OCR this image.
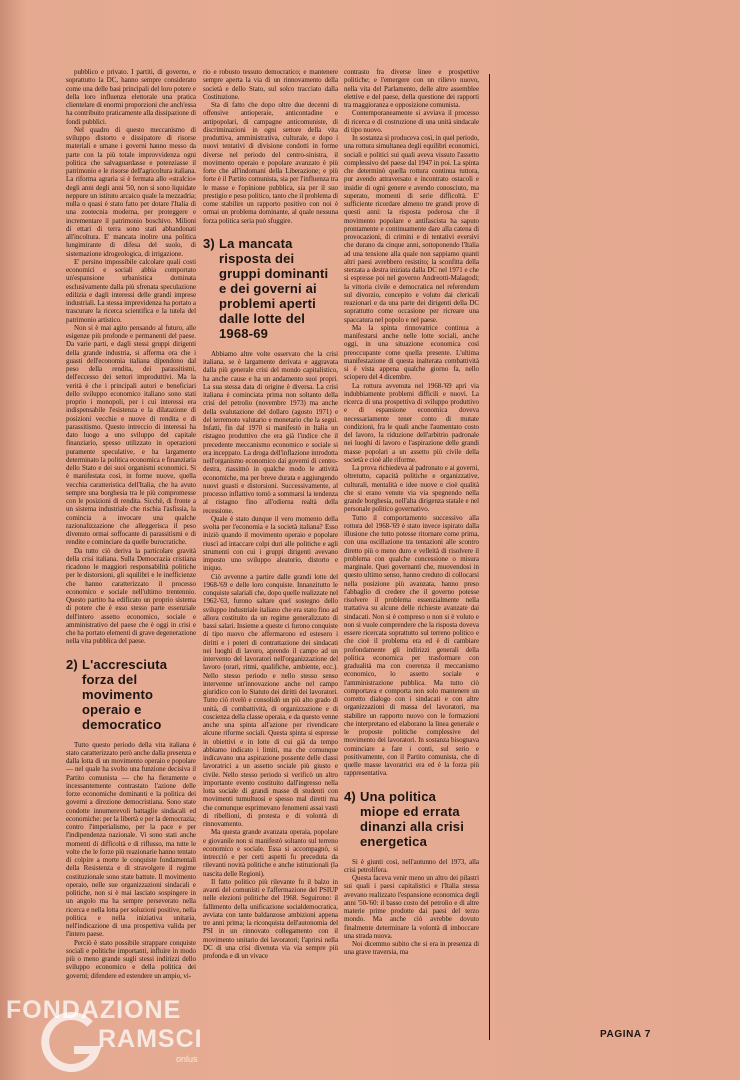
pubblico e privato. I partiti, di governo, e soprattutto la DC, hanno sempre considerato come una delle basi principali del loro potere e della loro influenza elettorale una pratica clientelare di enormi proporzioni che anch'essa ha contribuito praticamente alla dissipazione di fondi pubblici.

Nel quadro di questo meccanismo di sviluppo distorto e dissipatore di risorse materiali e umane i governi hanno messo da parte con la più totale improvvidenza ogni politica che salvaguardasse e potenziasse il patrimonio e le risorse dell'agricoltura italiana. La riforma agraria si è fermata allo «stralcio» degli anni degli anni '50, non si sono liquidate neppure un istituto arcaico quale la mezzadria; nulla o quasi è stato fatto per dotare l'Italia di una zootecnia moderna, per proteggere e incrementare il patrimonio boschivo. Milioni di ettari di terra sono stati abbandonati all'incoltura. E' mancata inoltre una politica lungimirante di difesa del suolo, di sistemazione idrogeologica, di irrigazione.

E' persino impossibile calcolare quali costi economici e sociali abbia comportato un'espansione urbanistica dominata esclusivamente dalla più sfrenata speculazione edilizia e dagli interessi delle grandi imprese industriali. La stessa imprevidenza ha portato a trascurare la ricerca scientifica e la tutela del patrimonio artistico.

Non si è mai agito pensando al futuro, alle esigenze più profonde e permanenti del paese. Da varie parti, e dagli stessi gruppi dirigenti della grande industria, si afferma ora che i guasti dell'economia italiana dipendono dal peso della rendita, dei parassitismi, dell'eccesso dei settori improduttivi. Ma la verità è che i principali autori e beneficiari dello sviluppo economico italiano sono stati proprio i monopoli, per i cui interessi era indispensabile l'esistenza e la dilatazione di posizioni vecchie e nuove di rendita e di parassitismo. Questo intreccio di interessi ha dato luogo a uno sviluppo del capitale finanziario, spesso utilizzato in operazioni puramente speculative, e ha largamente determinato la politica economica e finanziaria dello Stato e dei suoi organismi economici. Si è manifestata così, in forme nuove, quella vecchia caratteristica dell'Italia, che ha avuto sempre una borghesia tra le più compromesse con le posizioni di rendita. Sicchè, di fronte a un sistema industriale che rischia l'asfissia, la comincia a invocare una qualche razionalizzazione che alleggerisca il peso divenuto ormai soffocante di parassitismi e di rendite e cominciare da quelle burocratiche.

Da tutto ciò deriva la particolare gravità della crisi italiana. Sulla Democrazia cristiana ricadono le maggiori responsabilità politiche per le distorsioni, gli squilibri e le inefficienze che hanno caratterizzato il processo economico e sociale nell'ultimo trentennio. Questo partito ha edificato un proprio sistema di potere che è esso stesso parte essenziale dell'intero assetto economico, sociale e amministrativo del paese che è oggi in crisi e che ha portato elementi di grave degenerazione nella vita pubblica del paese.

2) L'accresciuta forza del movimento operaio e democratico

Tutto questo periodo della vita italiana è stato caratterizzato però anche dalla presenza e dalla lotta di un movimento operaio e popolare — nel quale ha svolto una funzione decisiva il Partito comunista — che ha fieramente e incessantemente contrastato l'azione delle forze economiche dominanti e la politica dei governi a direzione democristiana. Sono state condotte innumerevoli battaglie sindacali ed economiche: per la libertà e per la democrazia; contro l'imperialismo, per la pace e per l'indipendenza nazionale. Vi sono stati anche momenti di difficoltà e di riflusso, ma tutte le volte che le forze più reazionarie hanno tentato di colpire a morte le conquiste fondamentali della Resistenza e di stravolgere il regime costituzionale sono state battute. Il movimento operaio, nelle sue organizzazioni sindacali e politiche, non si è mai lasciato sospingere in un angolo ma ha sempre perseverato nella ricerca e nella lotta per soluzioni positive, nella politica e nella iniziativa unitaria, nell'indicazione di una prospettiva valida per l'intero paese.

Perciò è stato possibile strappare conquiste sociali e politiche importanti, influire in modo più o meno grande sugli stessi indirizzi dello sviluppo economico e della politica dei governi; difendere ed estendere un ampio, vi-

rio e robusto tessuto democratico; e mantenere sempre aperta la via di un rinnovamento della società e dello Stato, sul solco tracciato dalla Costituzione.

Sta di fatto che dopo oltre due decenni di offensive antioperaie, anticontadine e antipopolari, di campagne anticomuniste, di discriminazioni in ogni settore della vita produttiva, amministrativa, culturale, e dopo i nuovi tentativi di divisione condotti in forme diverse nel periodo del centro-sinistra, il movimento operaio e popolare avanzato è più forte che all'indomani della Liberazione; e più forte è il Partito comunista, sia per l'influenza tra le masse e l'opinione pubblica, sia per il suo prestigio e peso politico, tanto che il problema di come stabilire un rapporto positivo con noi è ormai un problema dominante, al quale nessuna forza politica seria può sfuggire.

3) La mancata risposta dei gruppi dominanti e dei governi ai problemi aperti dalle lotte del 1968-69

Abbiamo altre volte osservato che la crisi italiana, se è largamente derivata e aggravata dalla più generale crisi del mondo capitalistico, ha anche cause e ha un andamento suoi propri. La sua stessa data di origine è diversa. La crisi italiana è cominciata prima non soltanto della crisi del petrolio (novembre 1973) ma anche della svalutazione del dollaro (agosto 1971) e del terremoto valutario e monetario che la seguì. Infatti, fin dal 1970 si manifestò in Italia un ristagno produttivo che era già l'indice che il precedente meccanismo economico e sociale si era inceppato. La droga dell'inflazione introdotta nell'organismo economico dai governi di centro-destra, riassimò in qualche modo le attività economiche, ma per breve durata e aggiungendo nuovi guasti e distorsioni. Successivamente, al processo inflattivo tornò a sommarsi la tendenza al ristagno fino all'odierna realtà della recessione.

Quale è stato dunque il vero momento della svolta per l'economia e la società italiana? Esso iniziò quando il movimento operaio e popolare riuscì ad intaccare colpi duri alle politiche e agli strumenti con cui i gruppi dirigenti avevano imposto uno sviluppo aleatorio, distorto e iniquo.

Ciò avvenne a partire dalle grandi lotte del 1968-'69 e delle loro conquiste. Innanzitutto le conquiste salariali che, dopo quelle realizzate nel 1962-'63, furono saltare quel sostegno dello sviluppo industriale italiano che era stato fino ad allora costituito da un regime generalizzato di bassi salari. Insieme a queste ci furono conquiste di tipo nuovo che affermarono ed estesero i diritti e i poteri di contrattazione dei sindacati nei luoghi di lavoro, aprendo il campo ad un intervento del lavoratori nell'organizzazione del lavoro (orari, ritmi, qualifiche, ambiente, ecc.). Nello stesso periodo e nello stesso senso intervenne un'innovazione anche nel campo giuridico con lo Statuto dei diritti dei lavoratori. Tutto ciò rivelò e consolidò un più alto grado di unità, di combattività, di organizzazione e di coscienza della classe operaia, e da questo venne anche una spinta all'azione per rivendicare alcune riforme sociali. Questa spinta si espresse in obiettivi e in lotte di cui già da tempo abbiamo indicato i limiti, ma che comunque indicavano una aspirazione possente delle classi lavoratrici a un assetto sociale più giusto e civile. Nello stesso periodo si verificò un altro importante evento costituito dall'ingresso nella lotta sociale di grandi masse di studenti con movimenti tumultuosi e spesso mal diretti ma che comunque esprimevano fenomeni assai vasti di ribellioni, di protesta e di volontà di rinnovamento.

Ma questa grande avanzata operaia, popolare e giovanile non si manifestò soltanto sul terreno economico e sociale. Essa si accompagnò, si intrecciò e per certi aspetti fu preceduta da rilevanti novità politiche e anche istituzionali (la nascita delle Regioni).

Il fatto politico più rilevante fu il balzo in avanti del comunisti e l'affermazione del PSIUP nelle elezioni politiche del 1968. Seguirono: il fallimento della unificazione socialdemocratica, avviata con tante baldanzose ambizioni appena tre anni prima; la riconquista dell'autonomia del PSI in un rinnovato collegamento con il movimento unitario dei lavoratori; l'aprirsi nella DC di una crisi divenuta via via sempre più profonda e di un vivace

contrasto fra diverse linee e prospettive politiche; e l'emergere con un rilievo nuovo, nella vita del Parlamento, delle altre assemblee elettive e del paese, della questione dei rapporti tra maggioranza e opposizione comunista.

Contemporaneamente si avviava il processo di ricerca e di costruzione di una unità sindacale di tipo nuovo.

In sostanza si produceva così, in quel periodo, una rottura simultanea degli equilibri economici, sociali e politici sui quali aveva vissuto l'assetto complessivo del paese dal 1947 in poi. La spinta che determinò quella rottura continua tuttora, pur avendo attraversato e incontrato ostacoli e insidie di ogni genere e avendo conosciuto, ma superato, momenti di serie difficoltà. E' sufficiente ricordare almeno tre grandi prove di questi anni: la risposta poderosa che il movimento popolare e antifascista ha saputo prontamente e continuamente dare alla catena di provocazioni, di crimini e di tentativi eversivi che durano da cinque anni, sottoponendo l'Italia ad una tensione alla quale non sappiamo quanti altri paesi avrebbero resistito; la sconfitta della sterzata a destra iniziata dalla DC nel 1971 e che si espresse poi nel governo Andreotti-Malagodi; la vittoria civile e democratica nel referendum sul divorzio, concepito e voluto dai clericali reazionari e da una parte dei dirigenti della DC soprattutto come occasione per ricreare una spaccatura nel popolo e nel paese.

Ma la spinta rinnovatrice continua a manifestarsi anche nelle lotte sociali, anche oggi, in una situazione economica così preoccupante come quella presente. L'ultima manifestazione di questa inalterata combattività si è vista appena qualche giorno fa, nello sciopero del 4 dicembre.

La rottura avvenuta nel 1968-'69 aprì via indubbiamente problemi difficili e nuovi. La ricerca di una prospettiva di sviluppo produttivo e di espansione economica doveva necessariamente tener conto di mutate condizioni, fra le quali anche l'aumentato costo del lavoro, la riduzione dell'arbitrio padronale nei luoghi di lavoro e l'aspirazione delle grandi masse popolari a un assetto più civile della società e cioè alle riforme.

La prova richiedeva al padronato e ai governi, oltretutto, capacità politiche e organizzative, culturali, mentalità e idee nuove e cioè qualità che si erano venute via via spegnendo nella grande borghesia, nell'alta dirigenza statale e nel personale politico governativo.

Tutto il comportamento successivo alla rottura del 1968-'69 è stato invece ispirato dalla illusione che tutto potesse ritornare come prima, con una oscillazione tra tentazioni alle scontro diretto più o meno duro e velleità di risolvere il problema con qualche concessione o misura marginale. Quei governanti che, muovendosi in questo ultimo senso, hanno creduto di collocarsi nella posizione più avanzata, hanno preso l'abbaglio di credere che il governo potesse risolvere il problema essenzialmente nella trattativa su alcune delle richieste avanzate dai sindacati. Non si è compreso o non si è voluto e non si vuole comprendere che la risposta doveva essere ricercata soprattutto sul terreno politico e che cioè il problema era ed è di cambiare profondamente gli indirizzi generali della politica economica per trasformare con gradualità ma con coerenza il meccanismo economico, lo assetto sociale e l'amministrazione pubblica. Ma tutto ciò comportava e comporta non solo mantenere un corretto dialogo con i sindacati e con altre organizzazioni di massa del lavoratori, ma stabilire un rapporto nuovo con le formazioni che interpretano ed elaborano la linea generale e le proposte politiche complessive del movimento dei lavoratori. In sostanza bisognava cominciare a fare i conti, sul serio e positivamente, con il Partito comunista, che di quelle masse lavoratrici era ed è la forza più rappresentativa.

4) Una politica miope ed errata dinanzi alla crisi energetica

Si è giunti così, nell'autunno del 1973, alla crisi petrolifera.

Questa faceva venir meno un altro dei pilastri sui quali i paesi capitalistici e l'Italia stessa avevano realizzato l'espansione economica degli anni '50-'60: il basso costo del petrolio e di altre materie prime prodotte dai paesi del terzo mondo. Ma anche ciò avrebbe dovuto finalmente determinare la volontà di imboccare una strada nuova.

Noi dicemmo subito che si era in presenza di una grave traversia, ma

PAGINA 7
FONDAZIONE
RAMSCI
onlus
